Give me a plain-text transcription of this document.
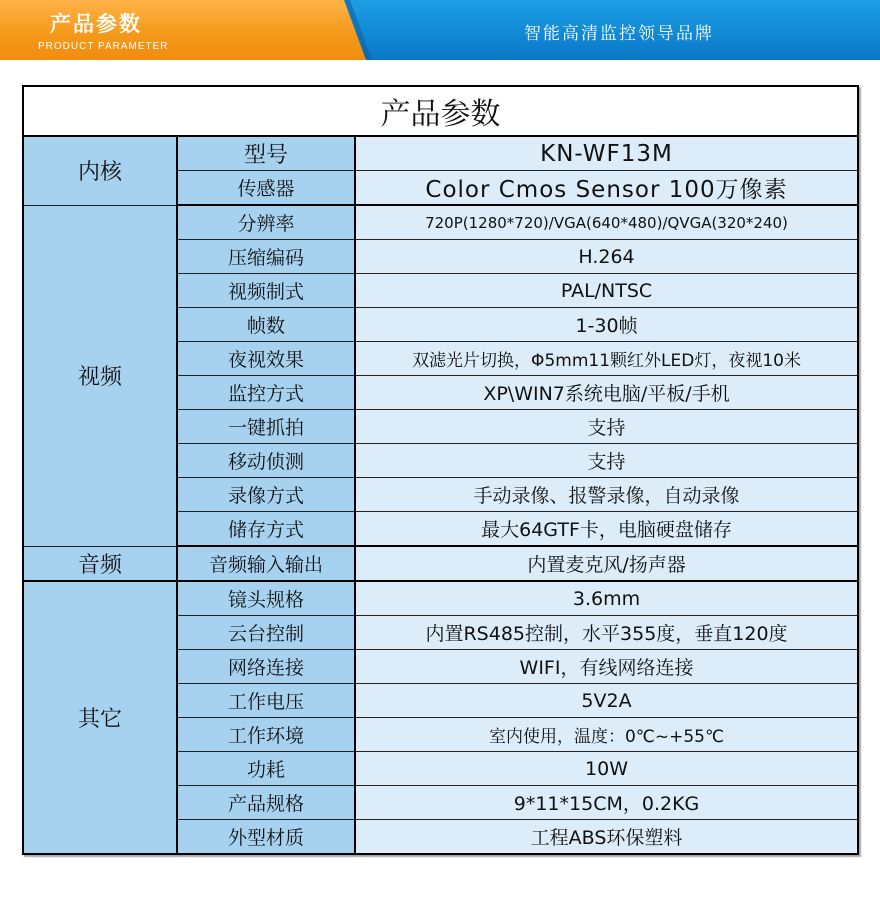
产品参数
PRODUCT PARAMETER
智能高清监控领导品牌
产品参数		
内核	型号	KN-WF13M
	传感器	Color Cmos Sensor 100万像素
视频	分辨率	720P(1280*720)/VGA(640*480)/QVGA(320*240)
	压缩编码	H.264
	视频制式	PAL/NTSC
	帧数	1-30帧
	夜视效果	双滤光片切换，Φ5mm11颗红外LED灯，夜视10米
	监控方式	XP\WIN7系统电脑/平板/手机
	一键抓拍	支持
	移动侦测	支持
	录像方式	手动录像、报警录像，自动录像
	储存方式	最大64GTF卡，电脑硬盘储存
音频	音频输入输出	内置麦克风/扬声器
其它	镜头规格	3.6mm
	云台控制	内置RS485控制，水平355度，垂直120度
	网络连接	WIFI，有线网络连接
	工作电压	5V2A
	工作环境	室内使用，温度：0℃~+55℃
	功耗	10W
	产品规格	9*11*15CM，0.2KG
	外型材质	工程ABS环保塑料
